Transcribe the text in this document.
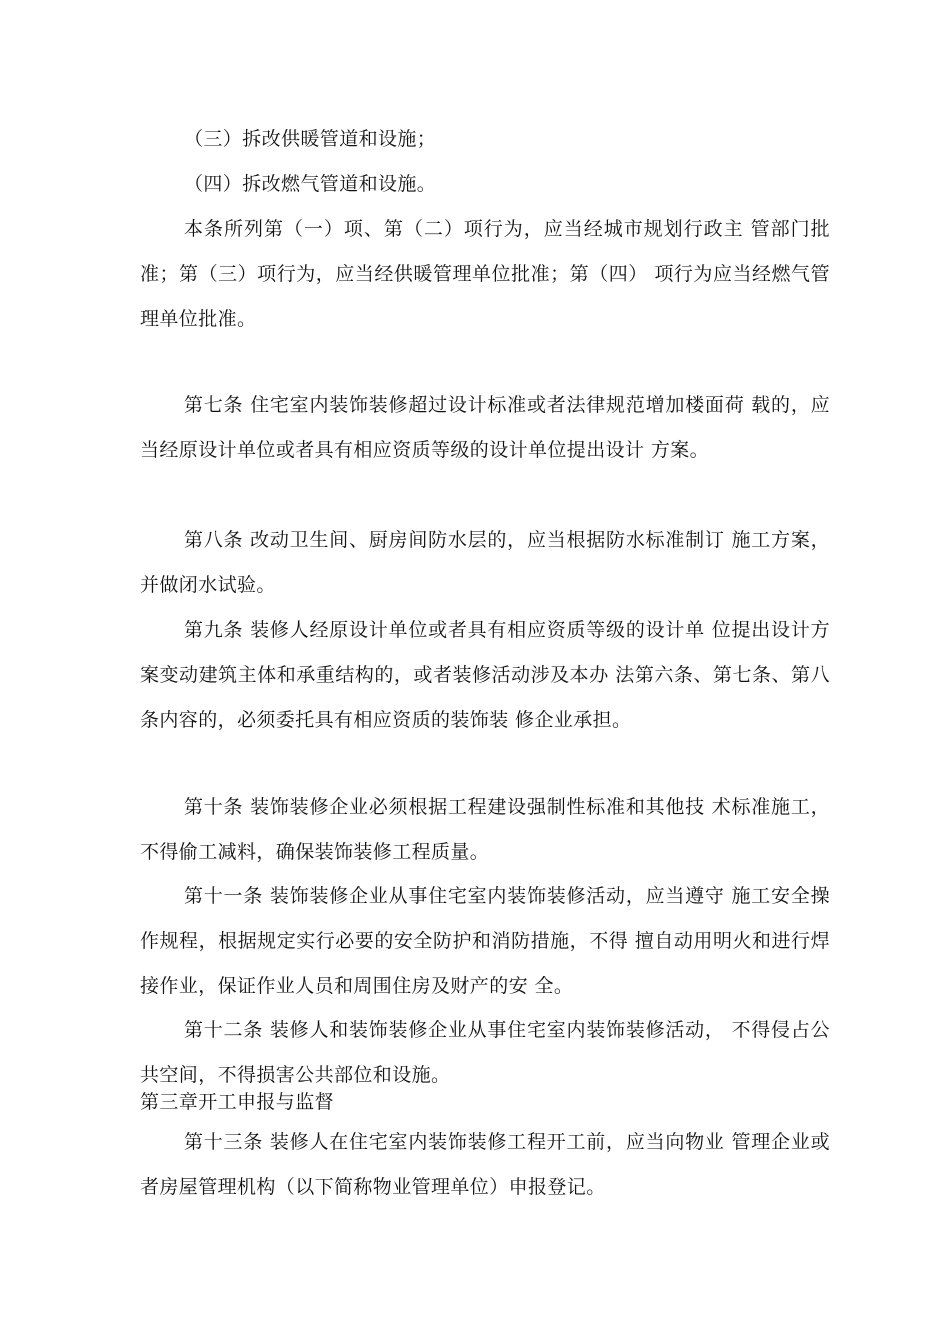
（三）拆改供暖管道和设施；

（四）拆改燃气管道和设施。

本条所列第（一）项、第（二）项行为，应当经城市规划行政主 管部门批准；第（三）项行为，应当经供暖管理单位批准；第（四） 项行为应当经燃气管理单位批准。

第七条 住宅室内装饰装修超过设计标准或者法律规范增加楼面荷 载的，应当经原设计单位或者具有相应资质等级的设计单位提出设计 方案。

第八条 改动卫生间、厨房间防水层的，应当根据防水标准制订 施工方案，并做闭水试验。

第九条 装修人经原设计单位或者具有相应资质等级的设计单 位提出设计方案变动建筑主体和承重结构的，或者装修活动涉及本办 法第六条、第七条、第八条内容的，必须委托具有相应资质的装饰装 修企业承担。

第十条 装饰装修企业必须根据工程建设强制性标准和其他技 术标准施工，不得偷工减料，确保装饰装修工程质量。

第十一条 装饰装修企业从事住宅室内装饰装修活动，应当遵守 施工安全操作规程，根据规定实行必要的安全防护和消防措施，不得 擅自动用明火和进行焊接作业，保证作业人员和周围住房及财产的安 全。

第十二条 装修人和装饰装修企业从事住宅室内装饰装修活动， 不得侵占公共空间，不得损害公共部位和设施。

第三章开工申报与监督

第十三条 装修人在住宅室内装饰装修工程开工前，应当向物业 管理企业或者房屋管理机构（以下简称物业管理单位）申报登记。
